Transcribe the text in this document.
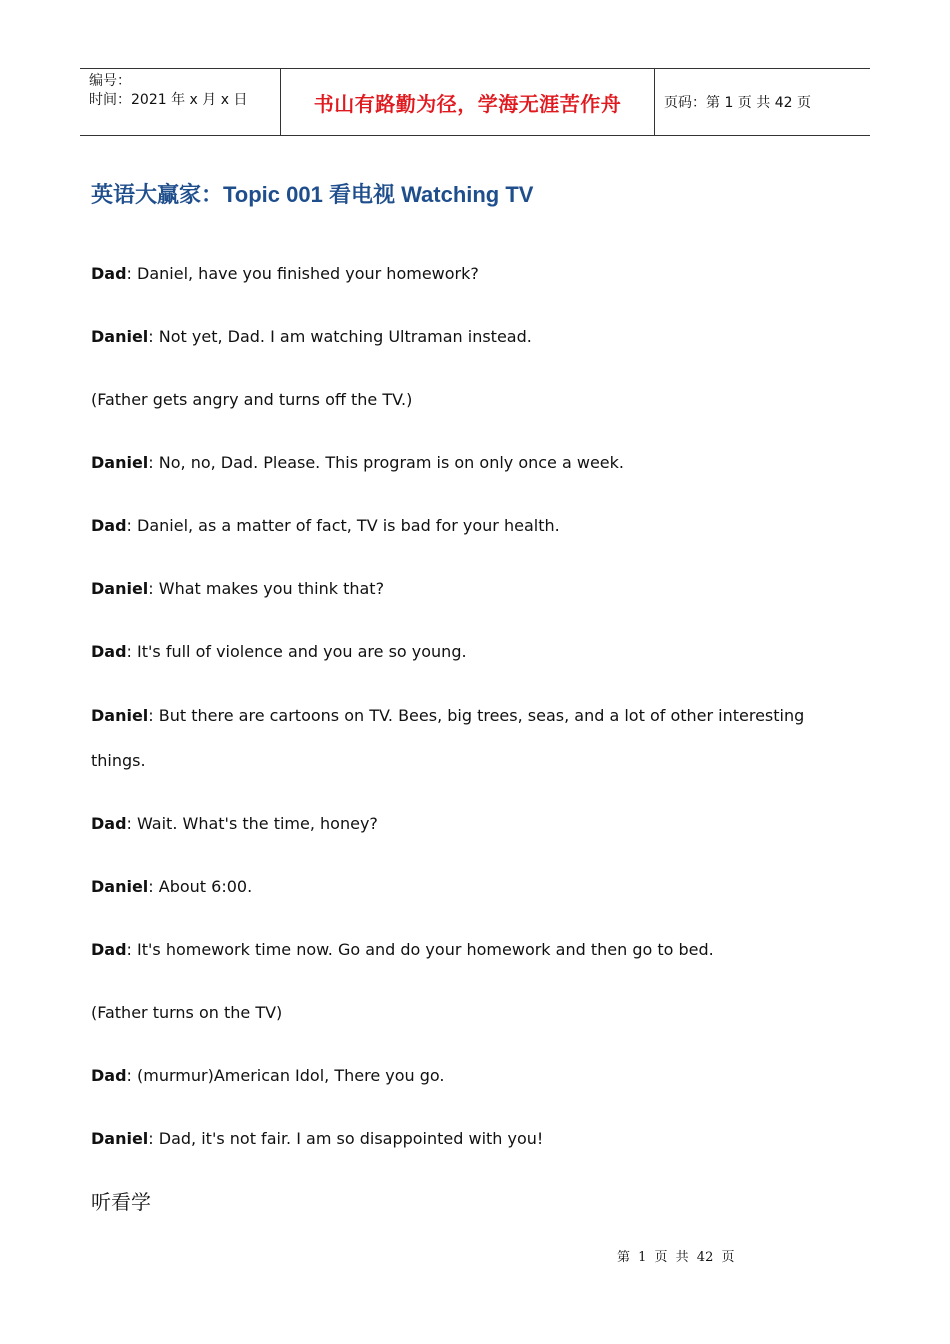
编号：
时间：2021 年 x 月 x 日	书山有路勤为径，学海无涯苦作舟	页码：第 1 页 共 42 页
英语大赢家：Topic 001 看电视 Watching TV

Dad: Daniel, have you finished your homework?

Daniel: Not yet, Dad. I am watching Ultraman instead.

(Father gets angry and turns off the TV.)

Daniel: No, no, Dad. Please. This program is on only once a week.

Dad: Daniel, as a matter of fact, TV is bad for your health.

Daniel: What makes you think that?

Dad: It's full of violence and you are so young.

Daniel: But there are cartoons on TV. Bees, big trees, seas, and a lot of other interesting things.

Dad: Wait. What's the time, honey?

Daniel: About 6:00.

Dad: It's homework time now. Go and do your homework and then go to bed.

(Father turns on the TV)

Dad: (murmur)American Idol, There you go.

Daniel: Dad, it's not fair. I am so disappointed with you!

听看学
第 1 页 共 42 页
